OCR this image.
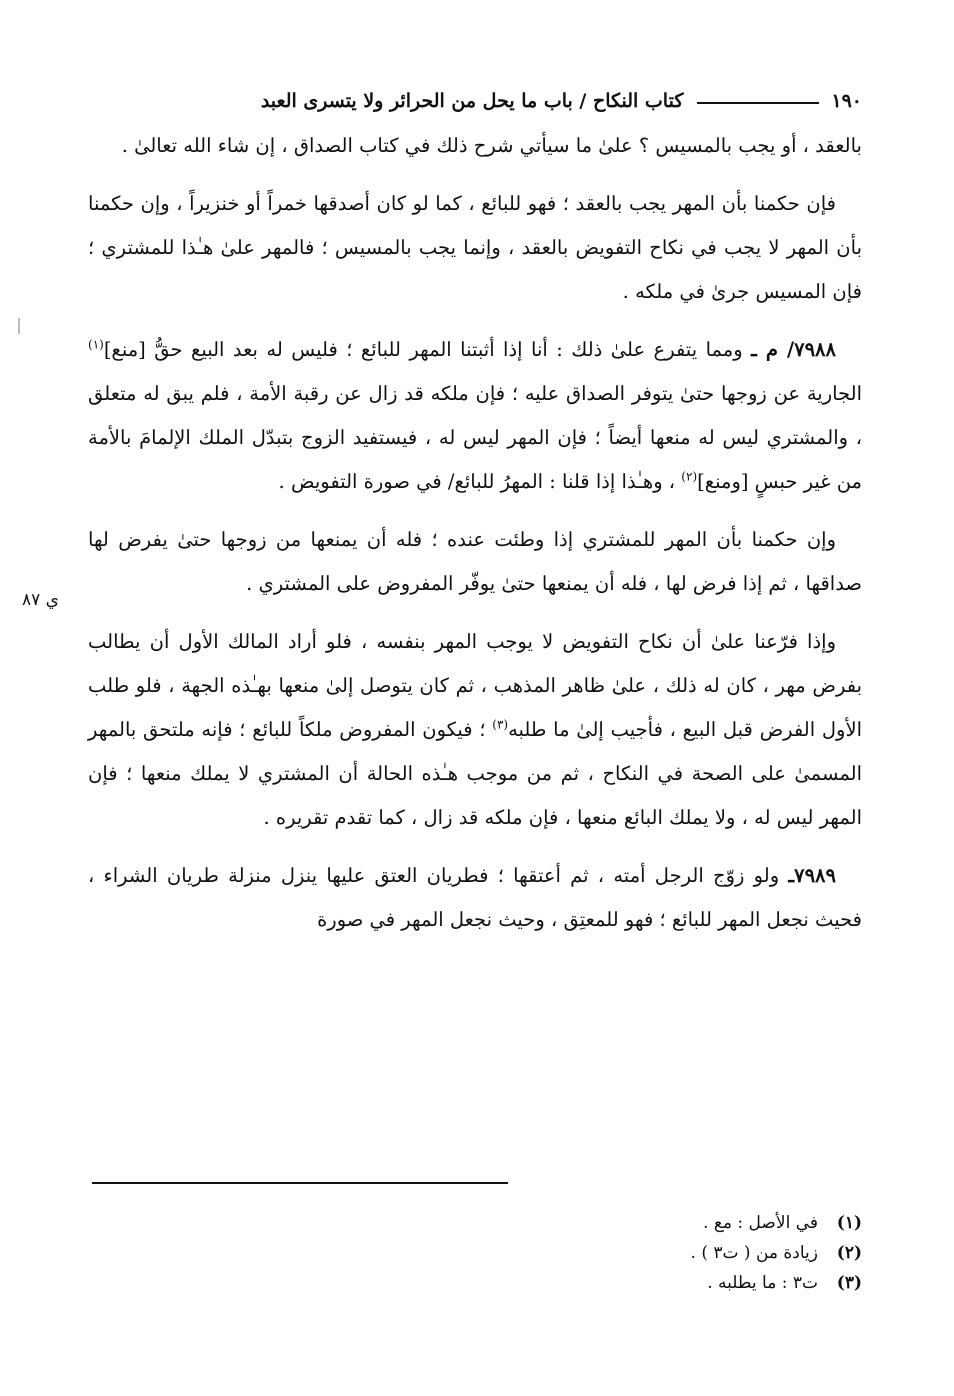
١٩٠
كتاب النكاح / باب ما يحل من الحرائر ولا يتسرى العبد

بالعقد ، أو يجب بالمسيس ؟ علىٰ ما سيأتي شرح ذلك في كتاب الصداق ، إن شاء الله تعالىٰ .

فإن حكمنا بأن المهر يجب بالعقد ؛ فهو للبائع ، كما لو كان أصدقها خمراً أو خنزيراً ، وإن حكمنا بأن المهر لا يجب في نكاح التفويض بالعقد ، وإنما يجب بالمسيس ؛ فالمهر علىٰ هـٰذا للمشتري ؛ فإن المسيس جرىٰ في ملكه .

٧٩٨٨/ م ـ ومما يتفرع علىٰ ذلك : أنا إذا أثبتنا المهر للبائع ؛ فليس له بعد البيع حقُّ [منع]$^{(١)}$ الجارية عن زوجها حتىٰ يتوفر الصداق عليه ؛ فإن ملكه قد زال عن رقبة الأمة ، فلم يبق له متعلق ، والمشتري ليس له منعها أيضاً ؛ فإن المهر ليس له ، فيستفيد الزوج بتبدّل الملك الإلمامَ بالأمة من غير حبسٍ [ومنع]$^{(٢)}$ ، وهـٰذا إذا قلنا : المهرُ للبائع/ في صورة التفويض .

وإن حكمنا بأن المهر للمشتري إذا وطئت عنده ؛ فله أن يمنعها من زوجها حتىٰ يفرض لها صداقها ، ثم إذا فرض لها ، فله أن يمنعها حتىٰ يوفّر المفروض على المشتري .

وإذا فرّعنا علىٰ أن نكاح التفويض لا يوجب المهر بنفسه ، فلو أراد المالك الأول أن يطالب بفرض مهر ، كان له ذلك ، علىٰ ظاهر المذهب ، ثم كان يتوصل إلىٰ منعها بهـٰذه الجهة ، فلو طلب الأول الفرض قبل البيع ، فأجيب إلىٰ ما طلبه$^{(٣)}$ ؛ فيكون المفروض ملكاً للبائع ؛ فإنه ملتحق بالمهر المسمىٰ على الصحة في النكاح ، ثم من موجب هـٰذه الحالة أن المشتري لا يملك منعها ؛ فإن المهر ليس له ، ولا يملك البائع منعها ، فإن ملكه قد زال ، كما تقدم تقريره .

٧٩٨٩ـ ولو زوّج الرجل أمته ، ثم أعتقها ؛ فطريان العتق عليها ينزل منزلة طريان الشراء ، فحيث نجعل المهر للبائع ؛ فهو للمعتِق ، وحيث نجعل المهر في صورة

ي ٨٧
(١)
في الأصل : مع .
(٢)
زيادة من ( ت٣ ) .
(٣)
ت٣ : ما يطلبه .
